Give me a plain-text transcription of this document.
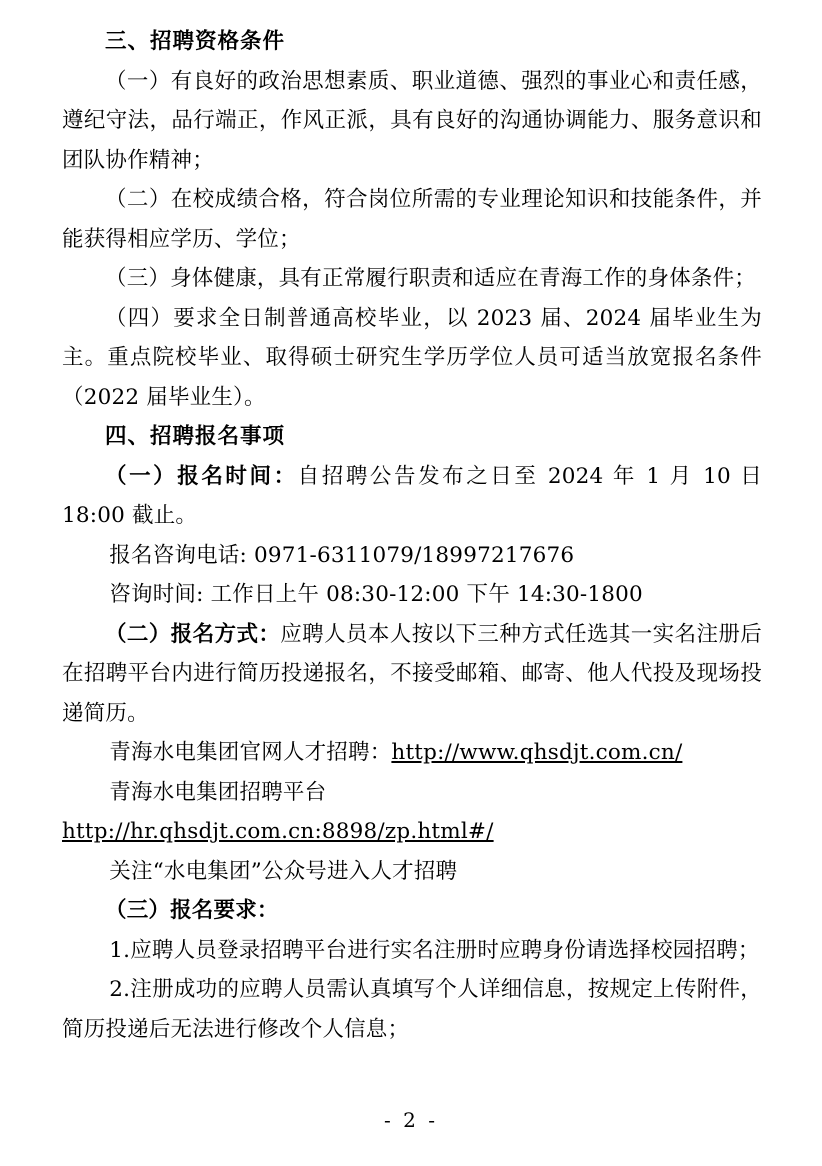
三、招聘资格条件

（一）有良好的政治思想素质、职业道德、强烈的事业心和责任感，遵纪守法，品行端正，作风正派，具有良好的沟通协调能力、服务意识和团队协作精神；

（二）在校成绩合格，符合岗位所需的专业理论知识和技能条件，并能获得相应学历、学位；

（三）身体健康，具有正常履行职责和适应在青海工作的身体条件；

（四）要求全日制普通高校毕业，以 2023 届、2024 届毕业生为主。重点院校毕业、取得硕士研究生学历学位人员可适当放宽报名条件（2022 届毕业生）。

四、招聘报名事项

（一）报名时间：自招聘公告发布之日至 2024 年 1 月 10 日 18:00 截止。

报名咨询电话: 0971-6311079/18997217676

咨询时间: 工作日上午 08:30-12:00 下午 14:30-1800

（二）报名方式：应聘人员本人按以下三种方式任选其一实名注册后在招聘平台内进行简历投递报名，不接受邮箱、邮寄、他人代投及现场投递简历。

青海水电集团官网人才招聘：http://www.qhsdjt.com.cn/

青海水电集团招聘平台 http://hr.qhsdjt.com.cn:8898/zp.html#/

关注“水电集团”公众号进入人才招聘

（三）报名要求：

1.应聘人员登录招聘平台进行实名注册时应聘身份请选择校园招聘；

2.注册成功的应聘人员需认真填写个人详细信息，按规定上传附件，简历投递后无法进行修改个人信息；

- 2 -
